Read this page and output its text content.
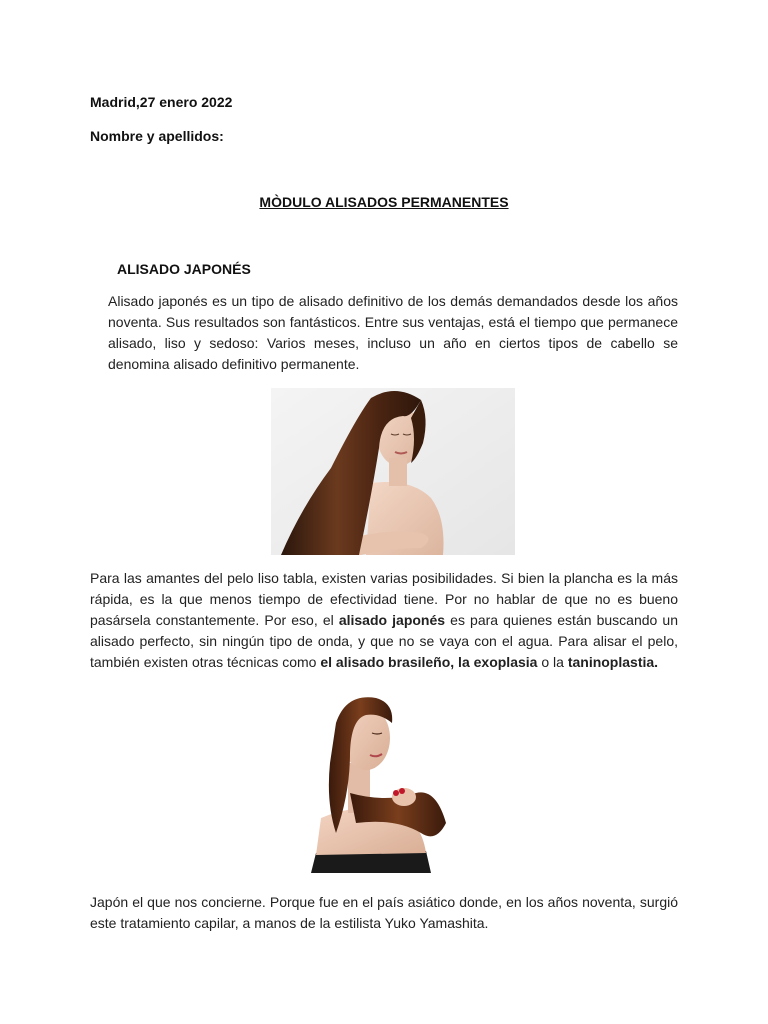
Madrid,27 enero 2022
Nombre y apellidos:
MÒDULO ALISADOS PERMANENTES
ALISADO JAPONÉS
Alisado japonés es un tipo de alisado definitivo de los demás demandados desde los años noventa. Sus resultados son fantásticos. Entre sus ventajas, está el tiempo que permanece alisado, liso y sedoso: Varios meses, incluso un año en ciertos tipos de cabello se denomina alisado definitivo permanente.
Para las amantes del pelo liso tabla, existen varias posibilidades. Si bien la plancha es la más rápida, es la que menos tiempo de efectividad tiene. Por no hablar de que no es bueno pasársela constantemente. Por eso, el alisado japonés es para quienes están buscando un alisado perfecto, sin ningún tipo de onda, y que no se vaya con el agua. Para alisar el pelo, también existen otras técnicas como el alisado brasileño, la exoplasia o la taninoplastia.
Japón el que nos concierne. Porque fue en el país asiático donde, en los años noventa, surgió este tratamiento capilar, a manos de la estilista Yuko Yamashita.
